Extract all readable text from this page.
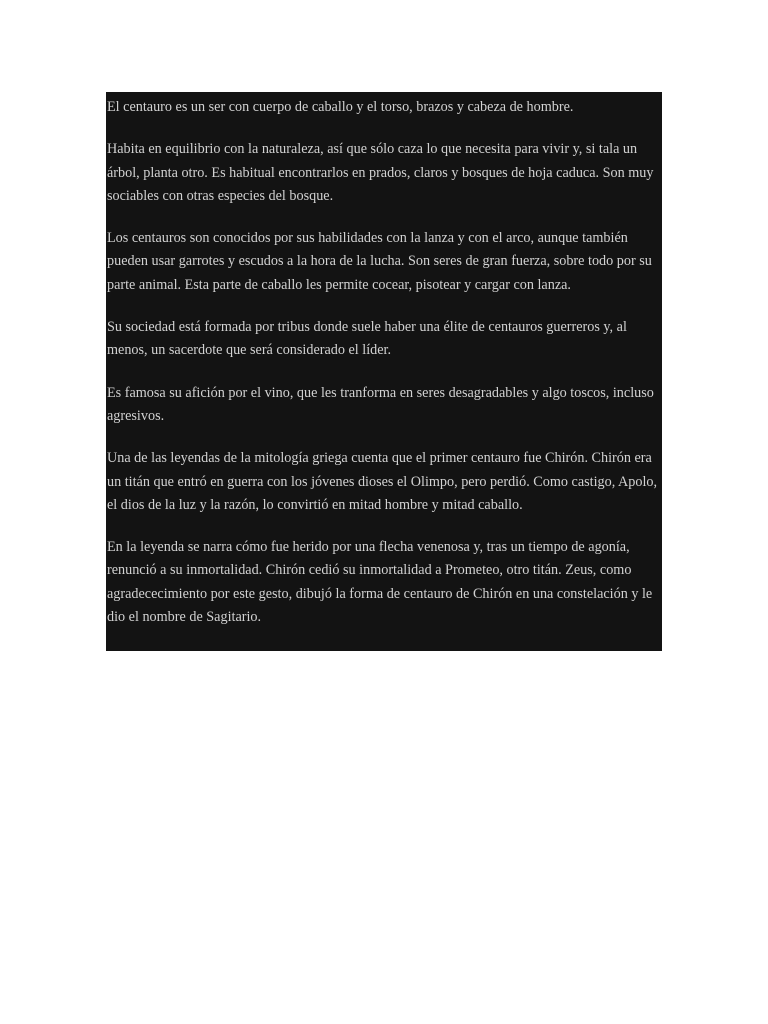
El centauro es un ser con cuerpo de caballo y el torso, brazos y cabeza de hombre.

Habita en equilibrio con la naturaleza, así que sólo caza lo que necesita para vivir y, si tala un árbol, planta otro. Es habitual encontrarlos en prados, claros y bosques de hoja caduca. Son muy sociables con otras especies del bosque.

Los centauros son conocidos por sus habilidades con la lanza y con el arco, aunque también pueden usar garrotes y escudos a la hora de la lucha. Son seres de gran fuerza, sobre todo por su parte animal. Esta parte de caballo les permite cocear, pisotear y cargar con lanza.

Su sociedad está formada por tribus donde suele haber una élite de centauros guerreros y, al menos, un sacerdote que será considerado el líder.

Es famosa su afición por el vino, que les tranforma en seres desagradables y algo toscos, incluso agresivos.

Una de las leyendas de la mitología griega cuenta que el primer centauro fue Chirón. Chirón era un titán que entró en guerra con los jóvenes dioses el Olimpo, pero perdió. Como castigo, Apolo, el dios de la luz y la razón, lo convirtió en mitad hombre y mitad caballo.

En la leyenda se narra cómo fue herido por una flecha venenosa y, tras un tiempo de agonía, renunció a su inmortalidad. Chirón cedió su inmortalidad a Prometeo, otro titán. Zeus, como agradececimiento por este gesto, dibujó la forma de centauro de Chirón en una constelación y le dio el nombre de Sagitario.
